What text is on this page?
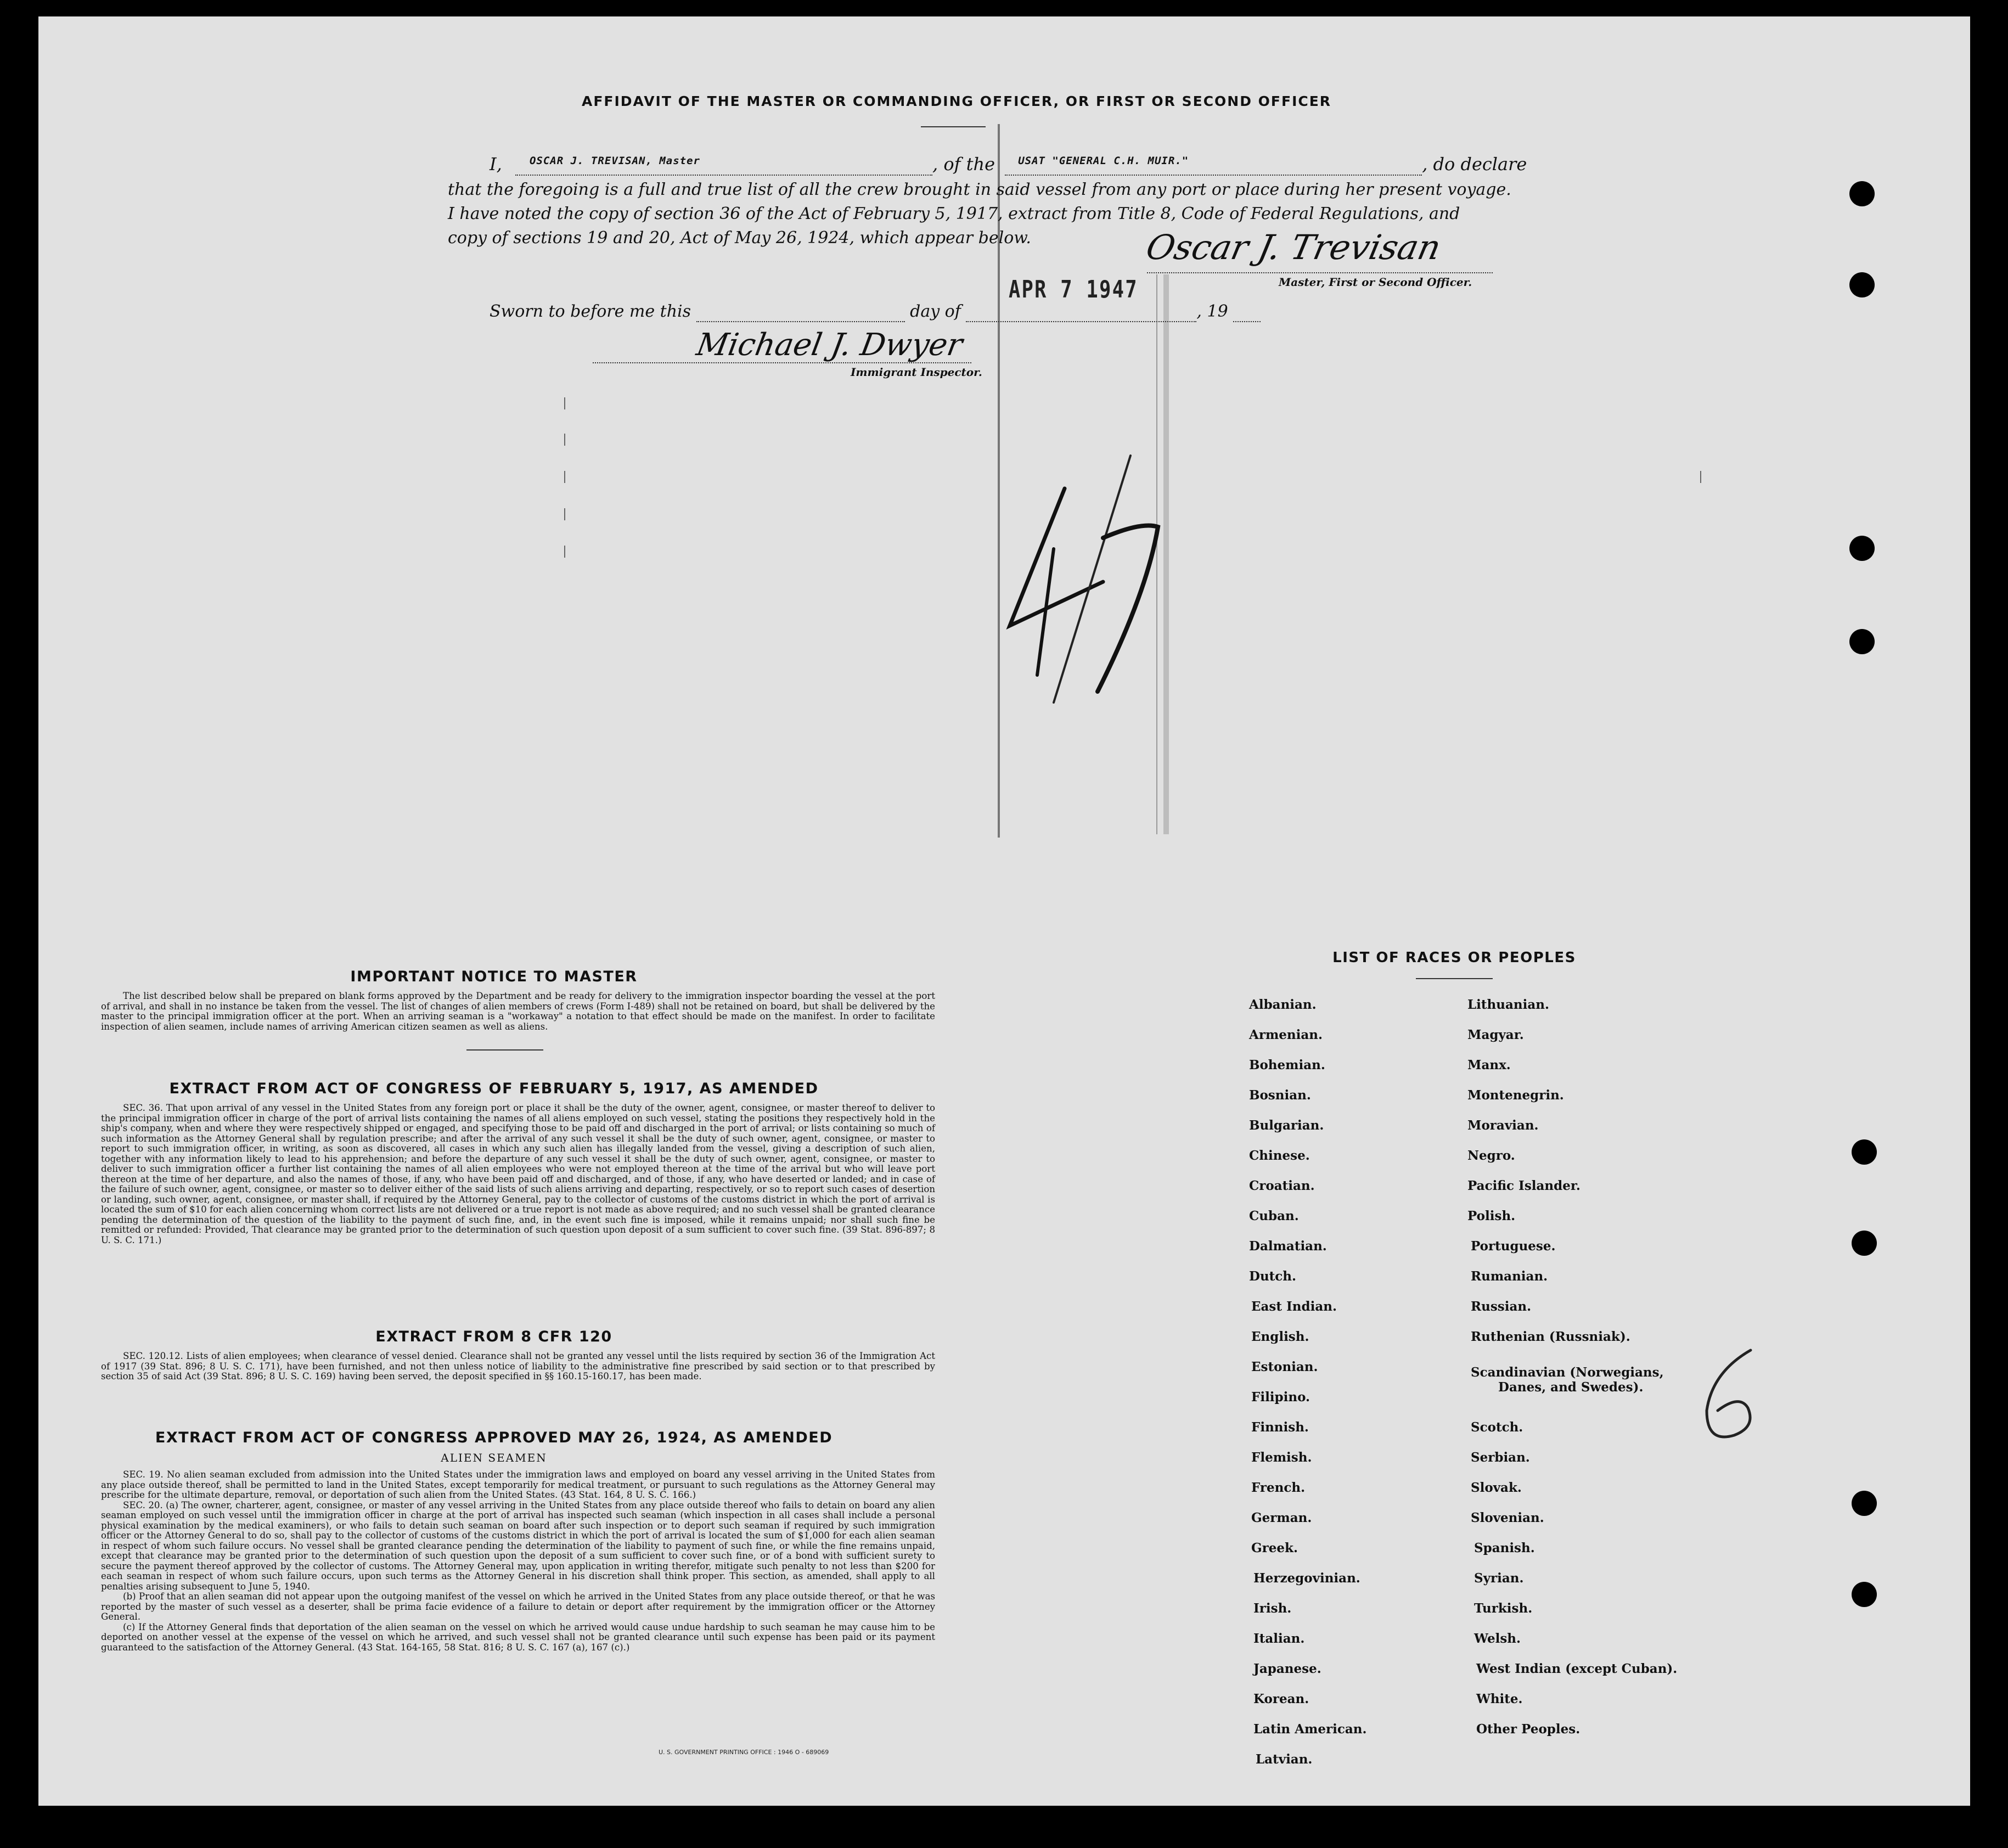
AFFIDAVIT OF THE MASTER OR COMMANDING OFFICER, OR FIRST OR SECOND OFFICER
I,	OSCAR J. TREVISAN, Master	, of the USAT "GENERAL C.H. MUIR."	, do declare
that the foregoing is a full and true list of all the crew brought in said vessel from any port or place during her present voyage.
I have noted the copy of section 36 of the Act of February 5, 1917, extract from Title 8, Code of Federal Regulations, and
copy of sections 19 and 20, Act of May 26, 1924, which appear below.	Oscar J. Trevisan
Master, First or Second Officer.
Sworn to before me this	day of	, 19
APR 7 1947
Michael J. Dwyer
Immigrant Inspector.
IMPORTANT NOTICE TO MASTER

The list described below shall be prepared on blank forms approved by the Department and be ready for delivery to the immigration inspector boarding the vessel at the port of arrival, and shall in no instance be taken from the vessel. The list of changes of alien members of crews (Form I-489) shall not be retained on board, but shall be delivered by the master to the principal immigration officer at the port. When an arriving seaman is a "workaway" a notation to that effect should be made on the manifest. In order to facilitate inspection of alien seamen, include names of arriving American citizen seamen as well as aliens.

EXTRACT FROM ACT OF CONGRESS OF FEBRUARY 5, 1917, AS AMENDED

SEC. 36. That upon arrival of any vessel in the United States from any foreign port or place it shall be the duty of the owner, agent, consignee, or master thereof to deliver to the principal immigration officer in charge of the port of arrival lists containing the names of all aliens employed on such vessel, stating the positions they respectively hold in the ship's company, when and where they were respectively shipped or engaged, and specifying those to be paid off and discharged in the port of arrival; or lists containing so much of such information as the Attorney General shall by regulation prescribe; and after the arrival of any such vessel it shall be the duty of such owner, agent, consignee, or master to report to such immigration officer, in writing, as soon as discovered, all cases in which any such alien has illegally landed from the vessel, giving a description of such alien, together with any information likely to lead to his apprehension; and before the departure of any such vessel it shall be the duty of such owner, agent, consignee, or master to deliver to such immigration officer a further list containing the names of all alien employees who were not employed thereon at the time of the arrival but who will leave port thereon at the time of her departure, and also the names of those, if any, who have been paid off and discharged, and of those, if any, who have deserted or landed; and in case of the failure of such owner, agent, consignee, or master so to deliver either of the said lists of such aliens arriving and departing, respectively, or so to report such cases of desertion or landing, such owner, agent, consignee, or master shall, if required by the Attorney General, pay to the collector of customs of the customs district in which the port of arrival is located the sum of $10 for each alien concerning whom correct lists are not delivered or a true report is not made as above required; and no such vessel shall be granted clearance pending the determination of the question of the liability to the payment of such fine, and, in the event such fine is imposed, while it remains unpaid; nor shall such fine be remitted or refunded: Provided, That clearance may be granted prior to the determination of such question upon deposit of a sum sufficient to cover such fine. (39 Stat. 896-897; 8 U. S. C. 171.)

EXTRACT FROM 8 CFR 120

SEC. 120.12. Lists of alien employees; when clearance of vessel denied. Clearance shall not be granted any vessel until the lists required by section 36 of the Immigration Act of 1917 (39 Stat. 896; 8 U. S. C. 171), have been furnished, and not then unless notice of liability to the administrative fine prescribed by said section or to that prescribed by section 35 of said Act (39 Stat. 896; 8 U. S. C. 169) having been served, the deposit specified in §§ 160.15-160.17, has been made.

EXTRACT FROM ACT OF CONGRESS APPROVED MAY 26, 1924, AS AMENDED
ALIEN SEAMEN

SEC. 19. No alien seaman excluded from admission into the United States under the immigration laws and employed on board any vessel arriving in the United States from any place outside thereof, shall be permitted to land in the United States, except temporarily for medical treatment, or pursuant to such regulations as the Attorney General may prescribe for the ultimate departure, removal, or deportation of such alien from the United States. (43 Stat. 164, 8 U. S. C. 166.)

SEC. 20. (a) The owner, charterer, agent, consignee, or master of any vessel arriving in the United States from any place outside thereof who fails to detain on board any alien seaman employed on such vessel until the immigration officer in charge at the port of arrival has inspected such seaman (which inspection in all cases shall include a personal physical examination by the medical examiners), or who fails to detain such seaman on board after such inspection or to deport such seaman if required by such immigration officer or the Attorney General to do so, shall pay to the collector of customs of the customs district in which the port of arrival is located the sum of $1,000 for each alien seaman in respect of whom such failure occurs. No vessel shall be granted clearance pending the determination of the liability to payment of such fine, or while the fine remains unpaid, except that clearance may be granted prior to the determination of such question upon the deposit of a sum sufficient to cover such fine, or of a bond with sufficient surety to secure the payment thereof approved by the collector of customs. The Attorney General may, upon application in writing therefor, mitigate such penalty to not less than $200 for each seaman in respect of whom such failure occurs, upon such terms as the Attorney General in his discretion shall think proper. This section, as amended, shall apply to all penalties arising subsequent to June 5, 1940.

(b) Proof that an alien seaman did not appear upon the outgoing manifest of the vessel on which he arrived in the United States from any place outside thereof, or that he was reported by the master of such vessel as a deserter, shall be prima facie evidence of a failure to detain or deport after requirement by the immigration officer or the Attorney General.

(c) If the Attorney General finds that deportation of the alien seaman on the vessel on which he arrived would cause undue hardship to such seaman he may cause him to be deported on another vessel at the expense of the vessel on which he arrived, and such vessel shall not be granted clearance until such expense has been paid or its payment guaranteed to the satisfaction of the Attorney General. (43 Stat. 164-165, 58 Stat. 816; 8 U. S. C. 167 (a), 167 (c).)

U. S. GOVERNMENT PRINTING OFFICE : 1946 O - 689069
LIST OF RACES OR PEOPLES
Albanian.
Armenian.
Bohemian.
Bosnian.
Bulgarian.
Chinese.
Croatian.
Cuban.
Dalmatian.
Dutch.
East Indian.
English.
Estonian.
Filipino.
Finnish.
Flemish.
French.
German.
Greek.
Herzegovinian.
Irish.
Italian.
Japanese.
Korean.
Latin American.
Latvian.
Lithuanian.
Magyar.
Manx.
Montenegrin.
Moravian.
Negro.
Pacific Islander.
Polish.
Portuguese.
Rumanian.
Russian.
Ruthenian (Russniak).
Scandinavian (Norwegians,
Danes, and Swedes).
Scotch.
Serbian.
Slovak.
Slovenian.
Spanish.
Syrian.
Turkish.
Welsh.
West Indian (except Cuban).
White.
Other Peoples.
